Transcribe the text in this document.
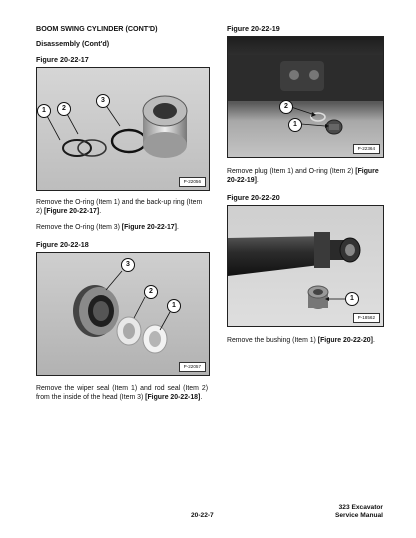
BOOM SWING CYLINDER (CONT'D)
Disassembly (Cont'd)
Figure 20-22-17
P-22056
1	2
3
Remove the O-ring (Item 1) and the back-up ring (Item 2) [Figure 20-22-17].
Remove the O-ring (Item 3) [Figure 20-22-17].
Figure 20-22-18
P-22057
3
2
1
Remove the wiper seal (Item 1) and rod seal (Item 2) from the inside of the head (Item 3) [Figure 20-22-18].
Figure 20-22-19
P-22364
2
1
Remove plug (Item 1) and O-ring (Item 2) [Figure 20-22-19].
Figure 20-22-20
P-18562
1
Remove the bushing (Item 1) [Figure 20-22-20].
20-22-7
323 Excavator
Service Manual
